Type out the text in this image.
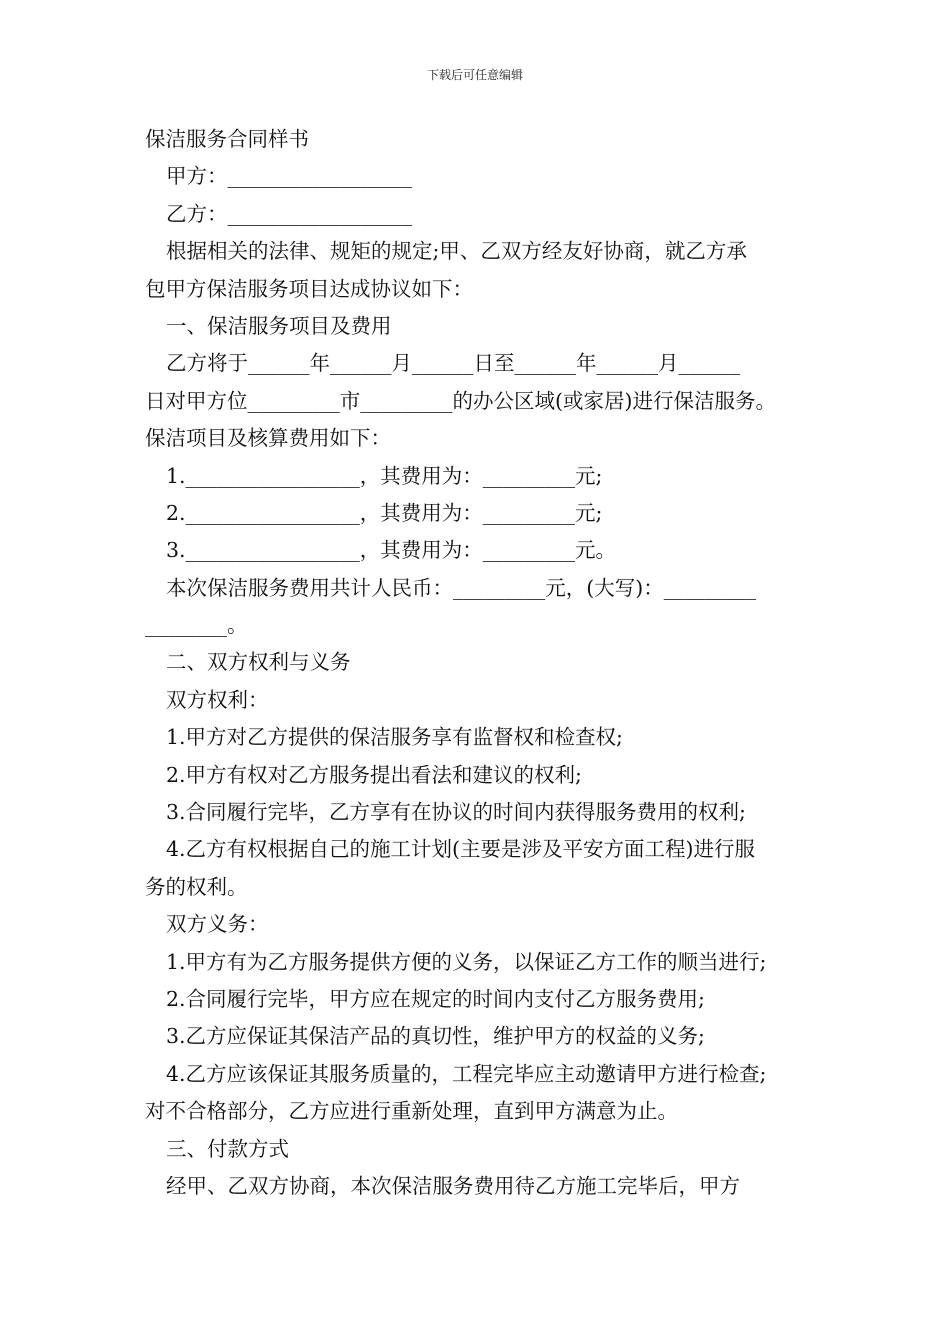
下载后可任意编辑
保洁服务合同样书
甲方：__________________
乙方：__________________
根据相关的法律、规矩的规定;甲、乙双方经友好协商，就乙方承
包甲方保洁服务项目达成协议如下：
一、保洁服务项目及费用
乙方将于______年______月______日至______年______月______
日对甲方位_________市_________的办公区域(或家居)进行保洁服务。
保洁项目及核算费用如下：
1._________________，其费用为：_________元;
2._________________，其费用为：_________元;
3._________________，其费用为：_________元。
本次保洁服务费用共计人民币：_________元，(大写)：_________
________。
二、双方权利与义务
双方权利：
1.甲方对乙方提供的保洁服务享有监督权和检查权;
2.甲方有权对乙方服务提出看法和建议的权利;
3.合同履行完毕，乙方享有在协议的时间内获得服务费用的权利;
4.乙方有权根据自己的施工计划(主要是涉及平安方面工程)进行服
务的权利。
双方义务：
1.甲方有为乙方服务提供方便的义务，以保证乙方工作的顺当进行;
2.合同履行完毕，甲方应在规定的时间内支付乙方服务费用;
3.乙方应保证其保洁产品的真切性，维护甲方的权益的义务;
4.乙方应该保证其服务质量的，工程完毕应主动邀请甲方进行检查;
对不合格部分，乙方应进行重新处理，直到甲方满意为止。
三、付款方式
经甲、乙双方协商，本次保洁服务费用待乙方施工完毕后，甲方
